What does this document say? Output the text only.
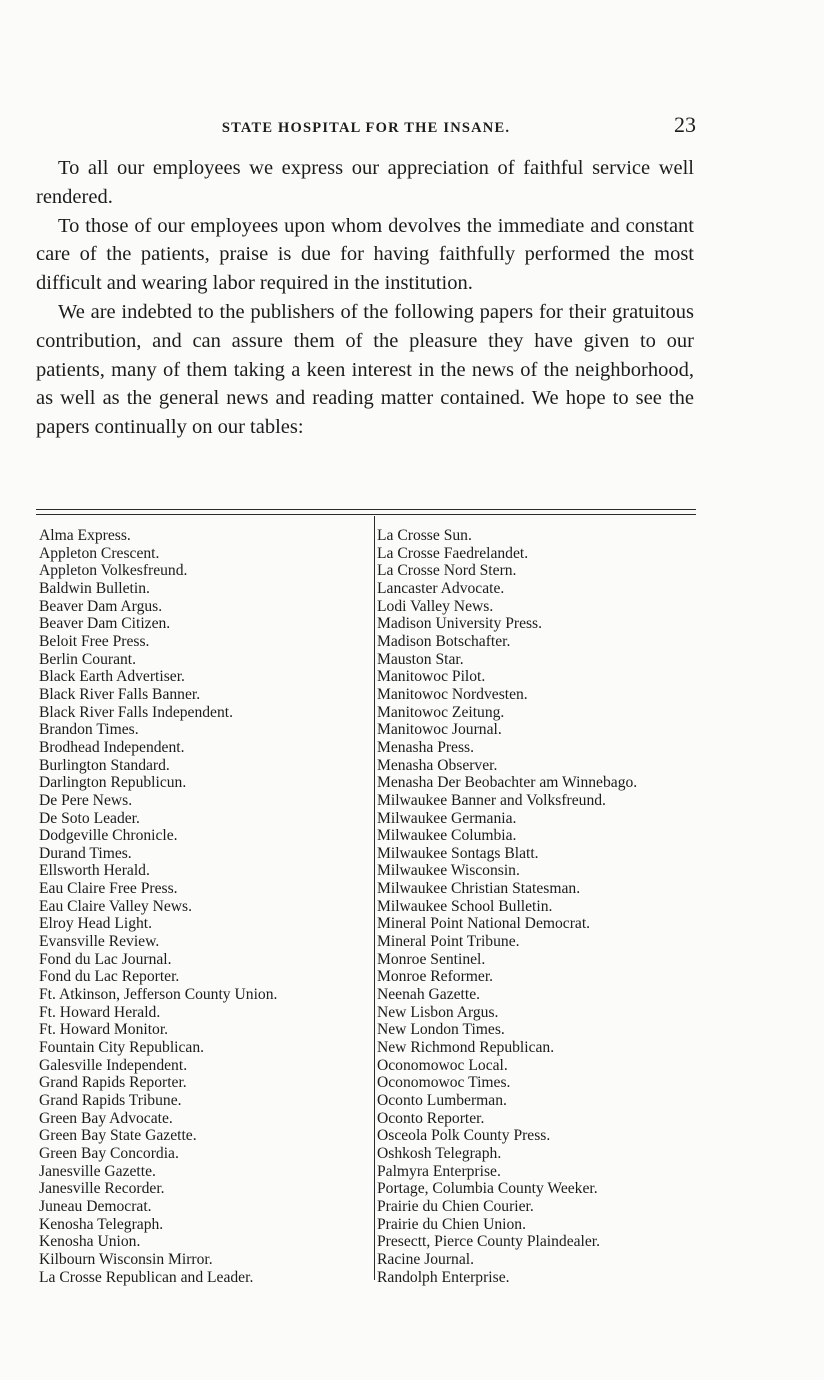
STATE HOSPITAL FOR THE INSANE.	23

To all our employees we express our appreciation of faithful service well rendered.

To those of our employees upon whom devolves the immediate and constant care of the patients, praise is due for having faithfully performed the most difficult and wearing labor required in the institution.

We are indebted to the publishers of the following papers for their gratuitous contribution, and can assure them of the pleasure they have given to our patients, many of them taking a keen interest in the news of the neighborhood, as well as the general news and reading matter contained. We hope to see the papers continually on our tables:

Alma Express.
Appleton Crescent.
Appleton Volkesfreund.
Baldwin Bulletin.
Beaver Dam Argus.
Beaver Dam Citizen.
Beloit Free Press.
Berlin Courant.
Black Earth Advertiser.
Black River Falls Banner.
Black River Falls Independent.
Brandon Times.
Brodhead Independent.
Burlington Standard.
Darlington Republicun.
De Pere News.
De Soto Leader.
Dodgeville Chronicle.
Durand Times.
Ellsworth Herald.
Eau Claire Free Press.
Eau Claire Valley News.
Elroy Head Light.
Evansville Review.
Fond du Lac Journal.
Fond du Lac Reporter.
Ft. Atkinson, Jefferson County Union.
Ft. Howard Herald.
Ft. Howard Monitor.
Fountain City Republican.
Galesville Independent.
Grand Rapids Reporter.
Grand Rapids Tribune.
Green Bay Advocate.
Green Bay State Gazette.
Green Bay Concordia.
Janesville Gazette.
Janesville Recorder.
Juneau Democrat.
Kenosha Telegraph.
Kenosha Union.
Kilbourn Wisconsin Mirror.
La Crosse Republican and Leader.
La Crosse Sun.
La Crosse Faedrelandet.
La Crosse Nord Stern.
Lancaster Advocate.
Lodi Valley News.
Madison University Press.
Madison Botschafter.
Mauston Star.
Manitowoc Pilot.
Manitowoc Nordvesten.
Manitowoc Zeitung.
Manitowoc Journal.
Menasha Press.
Menasha Observer.
Menasha Der Beobachter am Winnebago.
Milwaukee Banner and Volksfreund.
Milwaukee Germania.
Milwaukee Columbia.
Milwaukee Sontags Blatt.
Milwaukee Wisconsin.
Milwaukee Christian Statesman.
Milwaukee School Bulletin.
Mineral Point National Democrat.
Mineral Point Tribune.
Monroe Sentinel.
Monroe Reformer.
Neenah Gazette.
New Lisbon Argus.
New London Times.
New Richmond Republican.
Oconomowoc Local.
Oconomowoc Times.
Oconto Lumberman.
Oconto Reporter.
Osceola Polk County Press.
Oshkosh Telegraph.
Palmyra Enterprise.
Portage, Columbia County Weeker.
Prairie du Chien Courier.
Prairie du Chien Union.
Presectt, Pierce County Plaindealer.
Racine Journal.
Randolph Enterprise.
